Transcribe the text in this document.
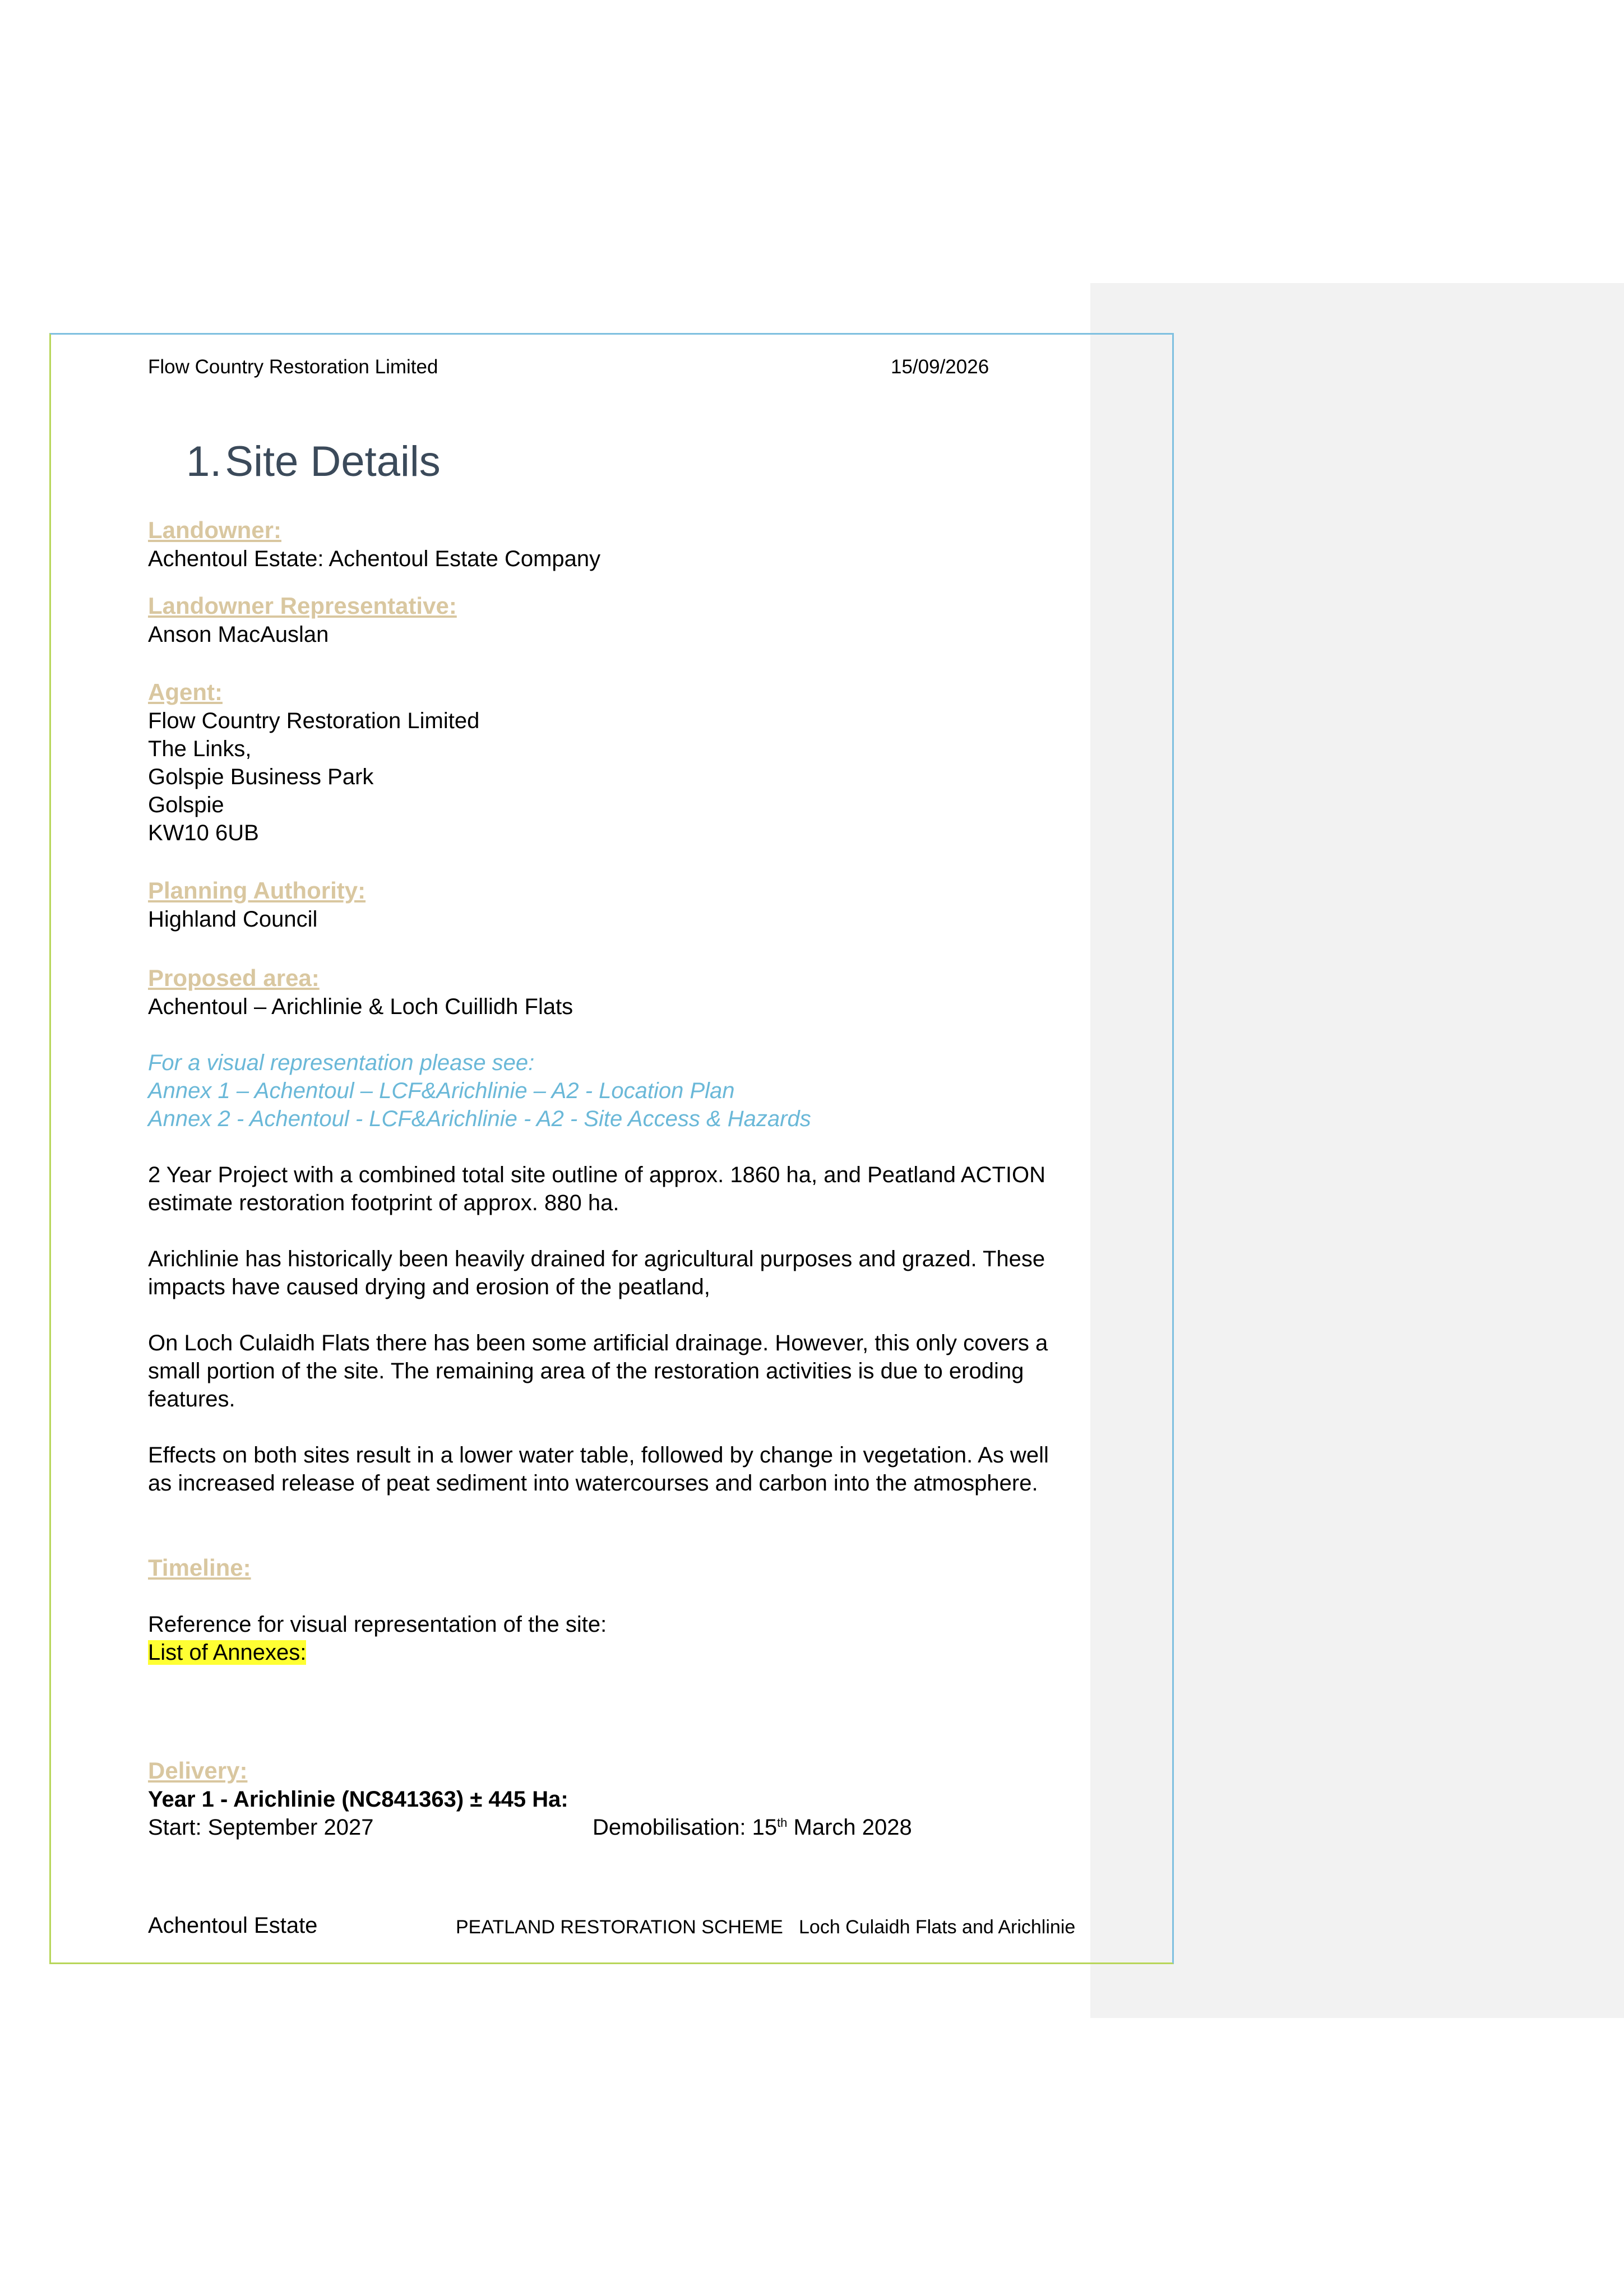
Flow Country Restoration Limited	15/09/2026
1.Site Details
Landowner:
Achentoul Estate: Achentoul Estate Company
Landowner Representative:
Anson MacAuslan
Agent:
Flow Country Restoration Limited
The Links,
Golspie Business Park
Golspie
KW10 6UB
Planning Authority:
Highland Council
Proposed area:
Achentoul – Arichlinie & Loch Cuillidh Flats
For a visual representation please see:
Annex 1 – Achentoul – LCF&Arichlinie – A2 - Location Plan
Annex 2 - Achentoul - LCF&Arichlinie - A2 - Site Access & Hazards
2 Year Project with a combined total site outline of approx. 1860 ha, and Peatland ACTION
estimate restoration footprint of approx. 880 ha.
Arichlinie has historically been heavily drained for agricultural purposes and grazed. These
impacts have caused drying and erosion of the peatland,
On Loch Culaidh Flats there has been some artificial drainage. However, this only covers a
small portion of the site. The remaining area of the restoration activities is due to eroding
features.
Effects on both sites result in a lower water table, followed by change in vegetation. As well
as increased release of peat sediment into watercourses and carbon into the atmosphere.
Timeline:
Reference for visual representation of the site:
List of Annexes:
Delivery:
Year 1 - Arichlinie (NC841363) ± 445 Ha:
Start: September 2027	Demobilisation: 15th March 2028
Achentoul Estate	PEATLAND RESTORATION SCHEME Loch Culaidh Flats and Arichlinie
